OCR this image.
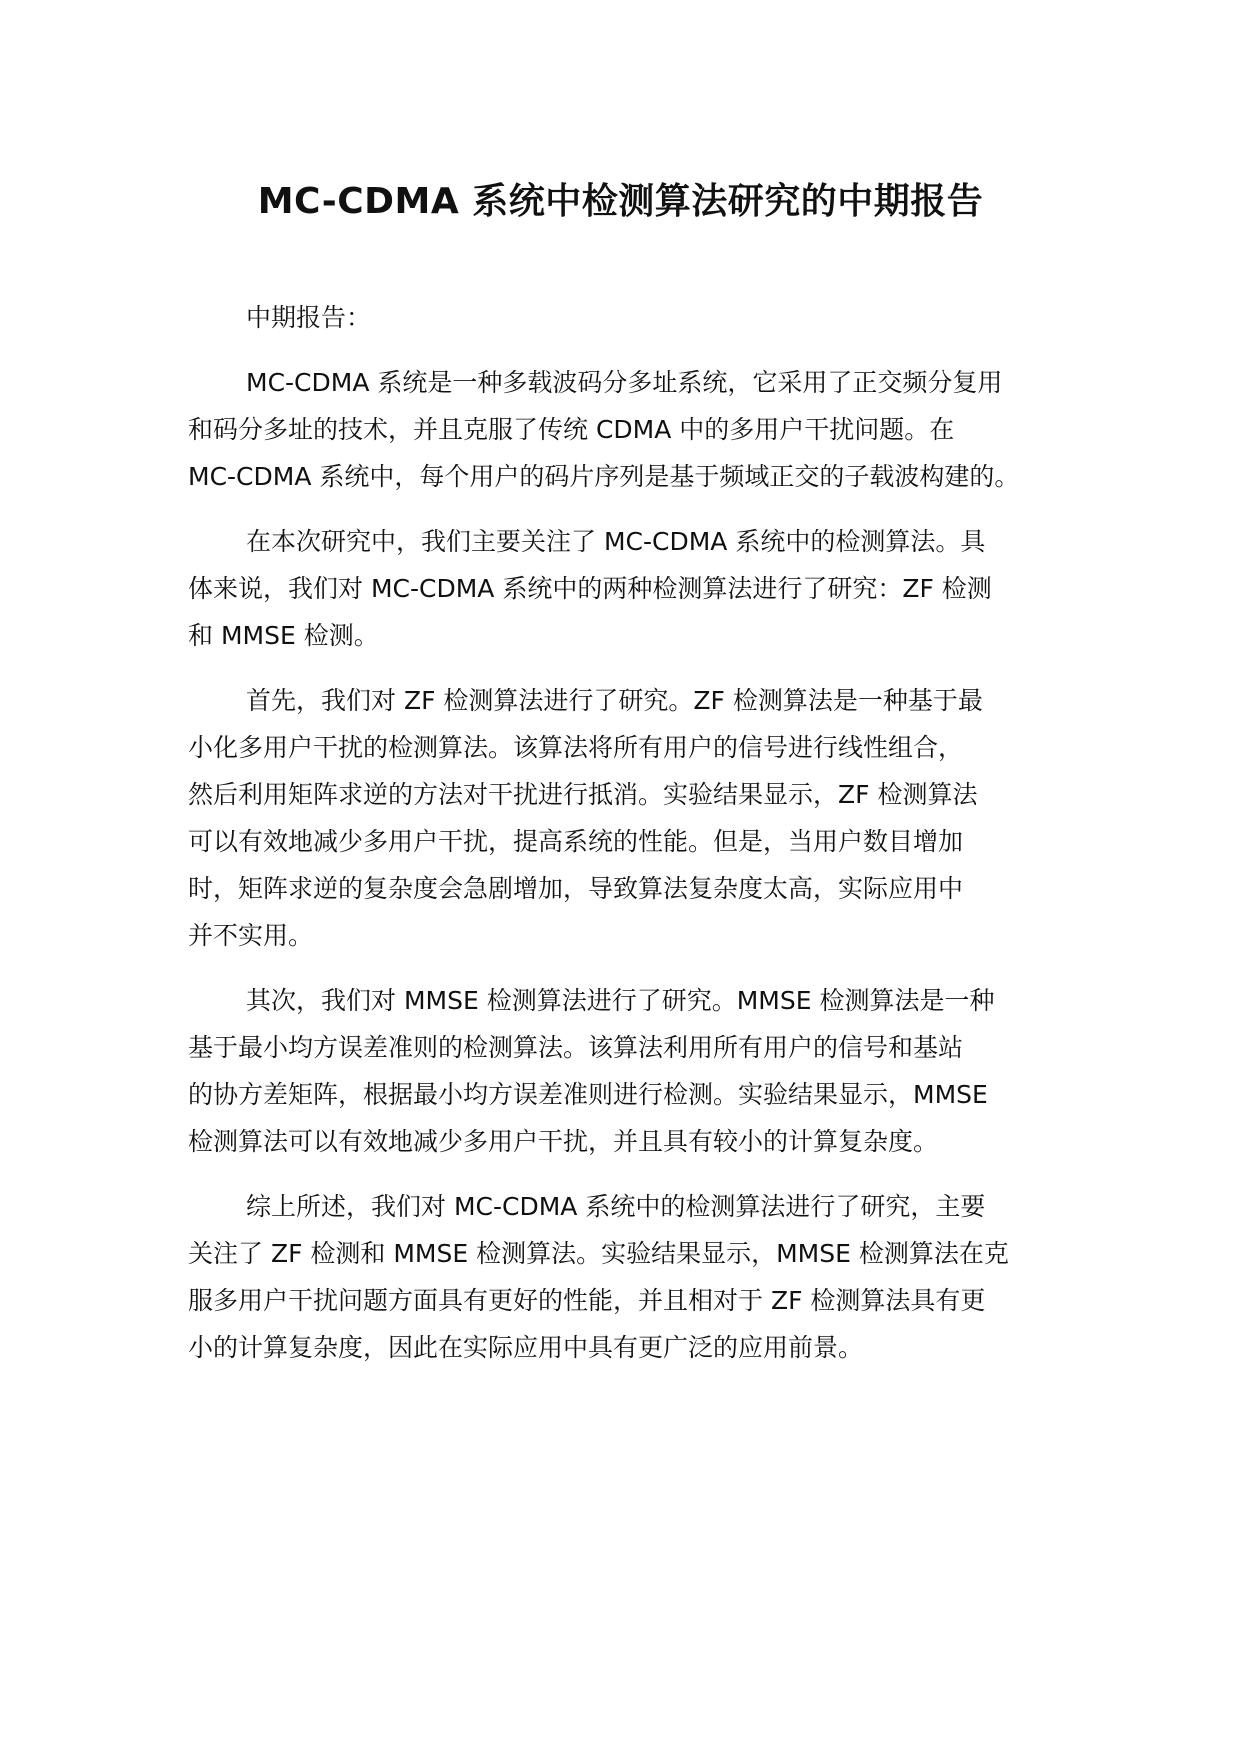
MC-CDMA 系统中检测算法研究的中期报告
中期报告：
MC-CDMA 系统是一种多载波码分多址系统，它采用了正交频分复用
和码分多址的技术，并且克服了传统 CDMA 中的多用户干扰问题。在
MC-CDMA 系统中，每个用户的码片序列是基于频域正交的子载波构建的。
在本次研究中，我们主要关注了 MC-CDMA 系统中的检测算法。具
体来说，我们对 MC-CDMA 系统中的两种检测算法进行了研究：ZF 检测
和 MMSE 检测。
首先，我们对 ZF 检测算法进行了研究。ZF 检测算法是一种基于最
小化多用户干扰的检测算法。该算法将所有用户的信号进行线性组合，
然后利用矩阵求逆的方法对干扰进行抵消。实验结果显示，ZF 检测算法
可以有效地减少多用户干扰，提高系统的性能。但是，当用户数目增加
时，矩阵求逆的复杂度会急剧增加，导致算法复杂度太高，实际应用中
并不实用。
其次，我们对 MMSE 检测算法进行了研究。MMSE 检测算法是一种
基于最小均方误差准则的检测算法。该算法利用所有用户的信号和基站
的协方差矩阵，根据最小均方误差准则进行检测。实验结果显示，MMSE
检测算法可以有效地减少多用户干扰，并且具有较小的计算复杂度。
综上所述，我们对 MC-CDMA 系统中的检测算法进行了研究，主要
关注了 ZF 检测和 MMSE 检测算法。实验结果显示，MMSE 检测算法在克
服多用户干扰问题方面具有更好的性能，并且相对于 ZF 检测算法具有更
小的计算复杂度，因此在实际应用中具有更广泛的应用前景。
